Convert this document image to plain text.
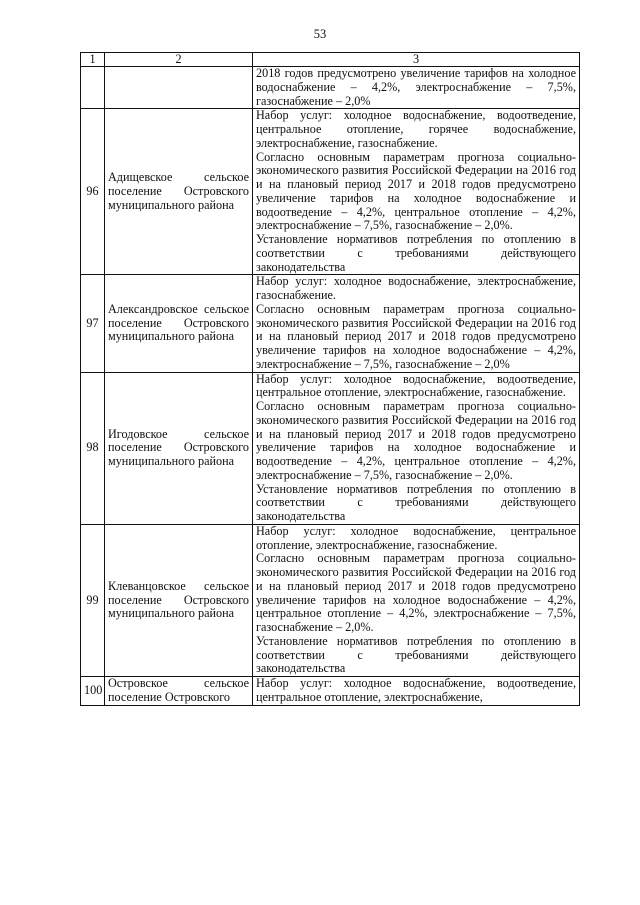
53
1	2	3

		2018 годов предусмотрено увеличение тарифов на холодное водоснабжение – 4,2%, электроснабжение – 7,5%, газоснабжение – 2,0%

96	Адищевское сельское поселение Островского муниципального района	Набор услуг: холодное водоснабжение, водоотведение, центральное отопление, горячее водоснабжение, электроснабжение, газоснабжение.

Согласно основным параметрам прогноза социально-экономического развития Российской Федерации на 2016 год и на плановый период 2017 и 2018 годов предусмотрено увеличение тарифов на холодное водоснабжение и водоотведение – 4,2%, центральное отопление – 4,2%, электроснабжение – 7,5%, газоснабжение – 2,0%.

Установление нормативов потребления по отоплению в соответствии с требованиями действующего законодательства

97	Александровское сельское поселение Островского муниципального района	Набор услуг: холодное водоснабжение, электроснабжение, газоснабжение.

Согласно основным параметрам прогноза социально-экономического развития Российской Федерации на 2016 год и на плановый период 2017 и 2018 годов предусмотрено увеличение тарифов на холодное водоснабжение – 4,2%, электроснабжение – 7,5%, газоснабжение – 2,0%

98	Игодовское сельское поселение Островского муниципального района	Набор услуг: холодное водоснабжение, водоотведение, центральное отопление, электроснабжение, газоснабжение.

Согласно основным параметрам прогноза социально-экономического развития Российской Федерации на 2016 год и на плановый период 2017 и 2018 годов предусмотрено увеличение тарифов на холодное водоснабжение и водоотведение – 4,2%, центральное отопление – 4,2%, электроснабжение – 7,5%, газоснабжение – 2,0%.

Установление нормативов потребления по отоплению в соответствии с требованиями действующего законодательства

99	Клеванцовское сельское поселение Островского муниципального района	Набор услуг: холодное водоснабжение, центральное отопление, электроснабжение, газоснабжение.

Согласно основным параметрам прогноза социально-экономического развития Российской Федерации на 2016 год и на плановый период 2017 и 2018 годов предусмотрено увеличение тарифов на холодное водоснабжение – 4,2%, центральное отопление – 4,2%, электроснабжение – 7,5%, газоснабжение – 2,0%.

Установление нормативов потребления по отоплению в соответствии с требованиями действующего законодательства

100	Островское сельское поселение Островского	Набор услуг: холодное водоснабжение, водоотведение, центральное отопление, электроснабжение,
